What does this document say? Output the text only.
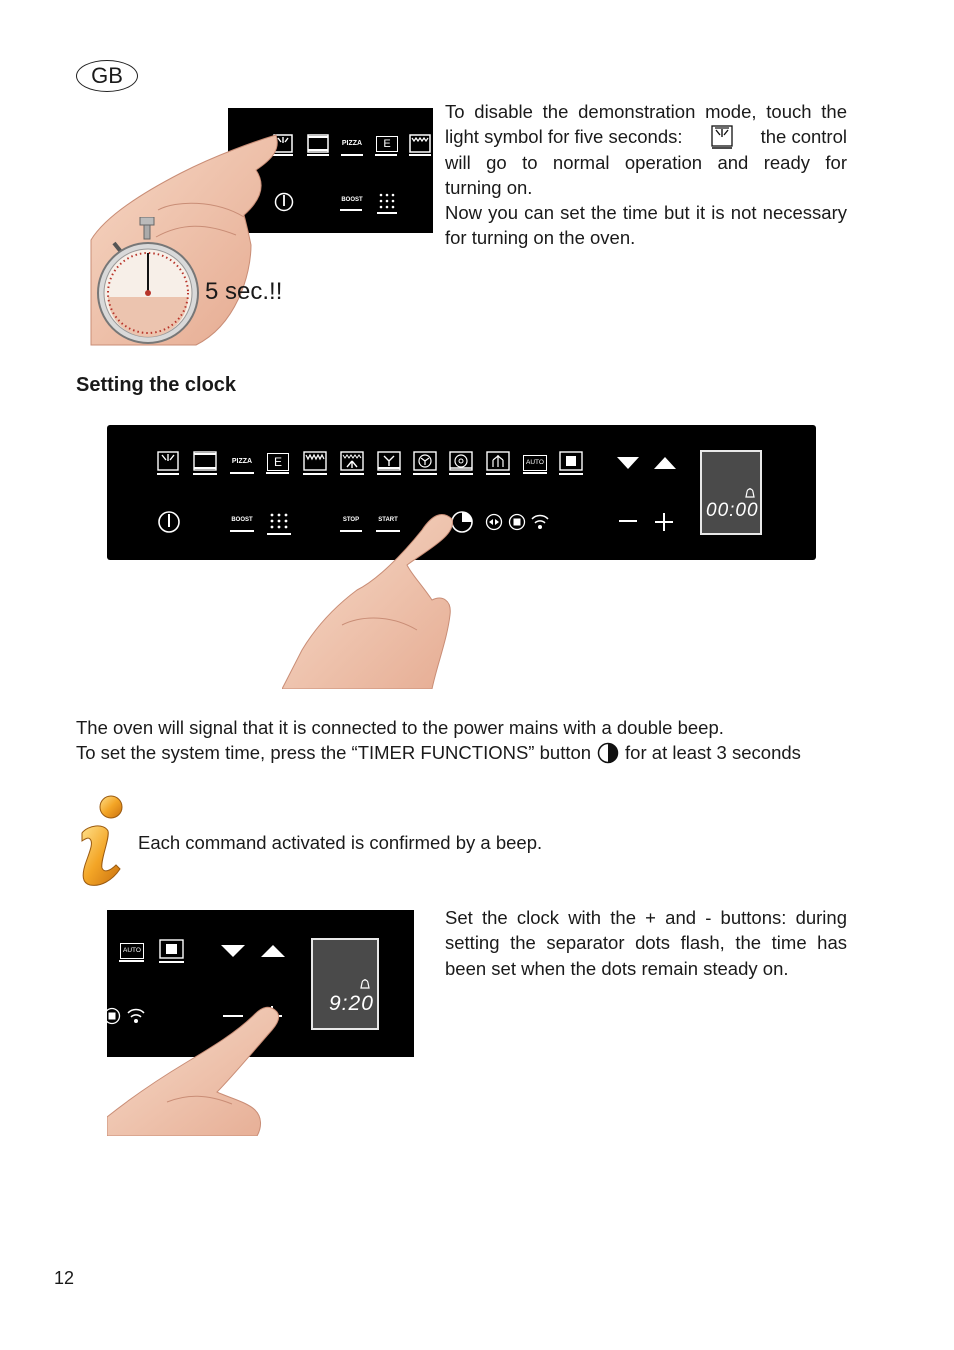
GB
PIZZA	E
BOOST
5 sec.!!
To disable the demonstration mode, touch the
light symbol for five seconds:	the control
will go to normal operation and ready for
turning on.
Now you can set the time but it is not necessary
for turning on the oven.
Setting the clock
PIZZA	E	AUTO
BOOST	STOP	START	00:00
The oven will signal that it is connected to the power mains with a double beep.
To set the system time, press the “TIMER FUNCTIONS” button for at least 3 seconds
Each command activated is confirmed by a beep.
AUTO
9:20
Set the clock with the + and - buttons: during
setting the separator dots flash, the time has
been set when the dots remain steady on.
12
